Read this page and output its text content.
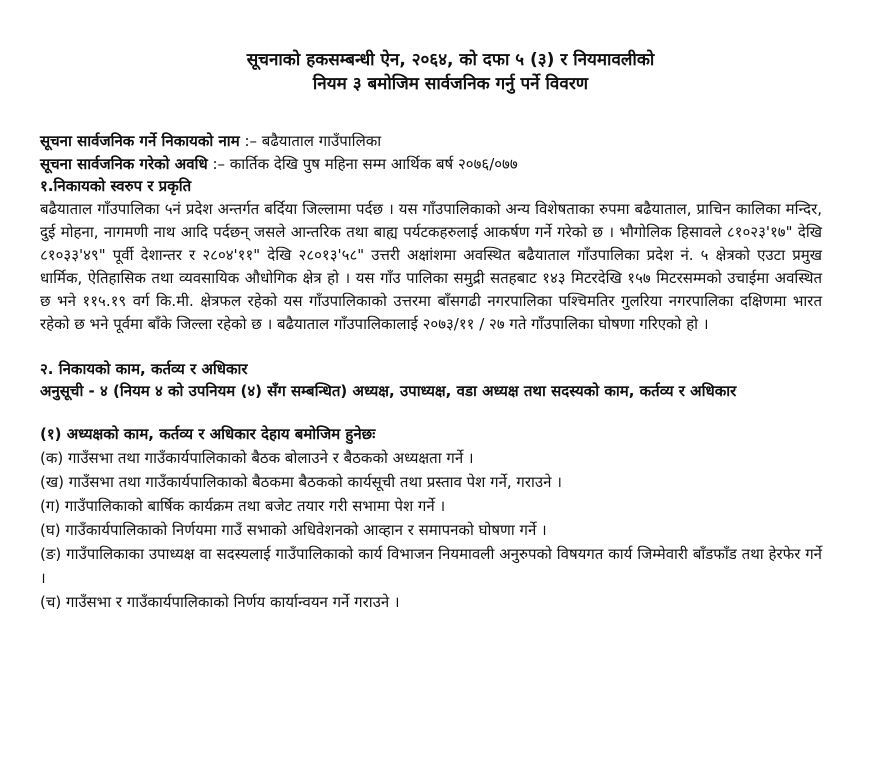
सूचनाको हकसम्बन्धी ऐन, २०६४, को दफा ५ (३) र नियमावलीको
नियम ३ बमोजिम सार्वजनिक गर्नु पर्ने विवरण

सूचना सार्वजनिक गर्ने निकायको नाम :– बढैयाताल गाउँपालिका

सूचना सार्वजनिक गरेको अवधि :– कार्तिक देखि पुष महिना सम्म आर्थिक बर्ष २०७६/०७७

१.निकायको स्वरुप र प्रकृति

बढैयाताल गाँउपालिका ५नं प्रदेश अन्तर्गत बर्दिया जिल्लामा पर्दछ । यस गाँउपालिकाको अन्य विशेषताका रुपमा बढैयाताल, प्राचिन कालिका मन्दिर, दुई मोहना, नागमणी नाथ आदि पर्दछन् जसले आन्तरिक तथा बाह्य पर्यटकहरुलाई आकर्षण गर्ने गरेको छ । भौगोलिक हिसावले ८१०२३'१७" देखि ८१०३३'४९" पूर्वी देशान्तर र २८०४'११" देखि २८०१३'५८" उत्तरी अक्षांशमा अवस्थित बढैयाताल गाँउपालिका प्रदेश नं. ५ क्षेत्रको एउटा प्रमुख धार्मिक, ऐतिहासिक तथा व्यवसायिक औधोगिक क्षेत्र हो । यस गाँउ पालिका समुद्री सतहबाट १४३ मिटरदेखि १५७ मिटरसम्मको उचाईमा अवस्थित छ भने ११५.१९ वर्ग कि.मी. क्षेत्रफल रहेको यस गाँउपालिकाको उत्तरमा बाँसगढी नगरपालिका पश्चिमतिर गुलरिया नगरपालिका दक्षिणमा भारत रहेको छ भने पूर्वमा बाँके जिल्ला रहेको छ । बढैयाताल गाँउपालिकालाई २०७३/११ / २७ गते गाँउपालिका घोषणा गरिएको हो ।

२. निकायको काम, कर्तव्य र अधिकार

अनुसूची - ४ (नियम ४ को उपनियम (४) सँग सम्बन्धित) अध्यक्ष, उपाध्यक्ष, वडा अध्यक्ष तथा सदस्यको काम, कर्तव्य र अधिकार

(१) अध्यक्षको काम, कर्तव्य र अधिकार देहाय बमोजिम हुनेछः

(क) गाउँसभा तथा गाउँकार्यपालिकाको बैठक बोलाउने र बैठकको अध्यक्षता गर्ने ।

(ख) गाउँसभा तथा गाउँकार्यपालिकाको बैठकमा बैठकको कार्यसूची तथा प्रस्ताव पेश गर्ने, गराउने ।

(ग) गाउँपालिकाको बार्षिक कार्यक्रम तथा बजेट तयार गरी सभामा पेश गर्ने ।

(घ) गाउँकार्यपालिकाको निर्णयमा गाउँ सभाको अधिवेशनको आव्हान र समापनको घोषणा गर्ने ।

(ङ) गाउँपालिकाका उपाध्यक्ष वा सदस्यलाई गाउँपालिकाको कार्य विभाजन नियमावली अनुरुपको विषयगत कार्य जिम्मेवारी बाँडफाँड तथा हेरफेर गर्ने ।

(च) गाउँसभा र गाउँकार्यपालिकाको निर्णय कार्यान्वयन गर्ने गराउने ।
